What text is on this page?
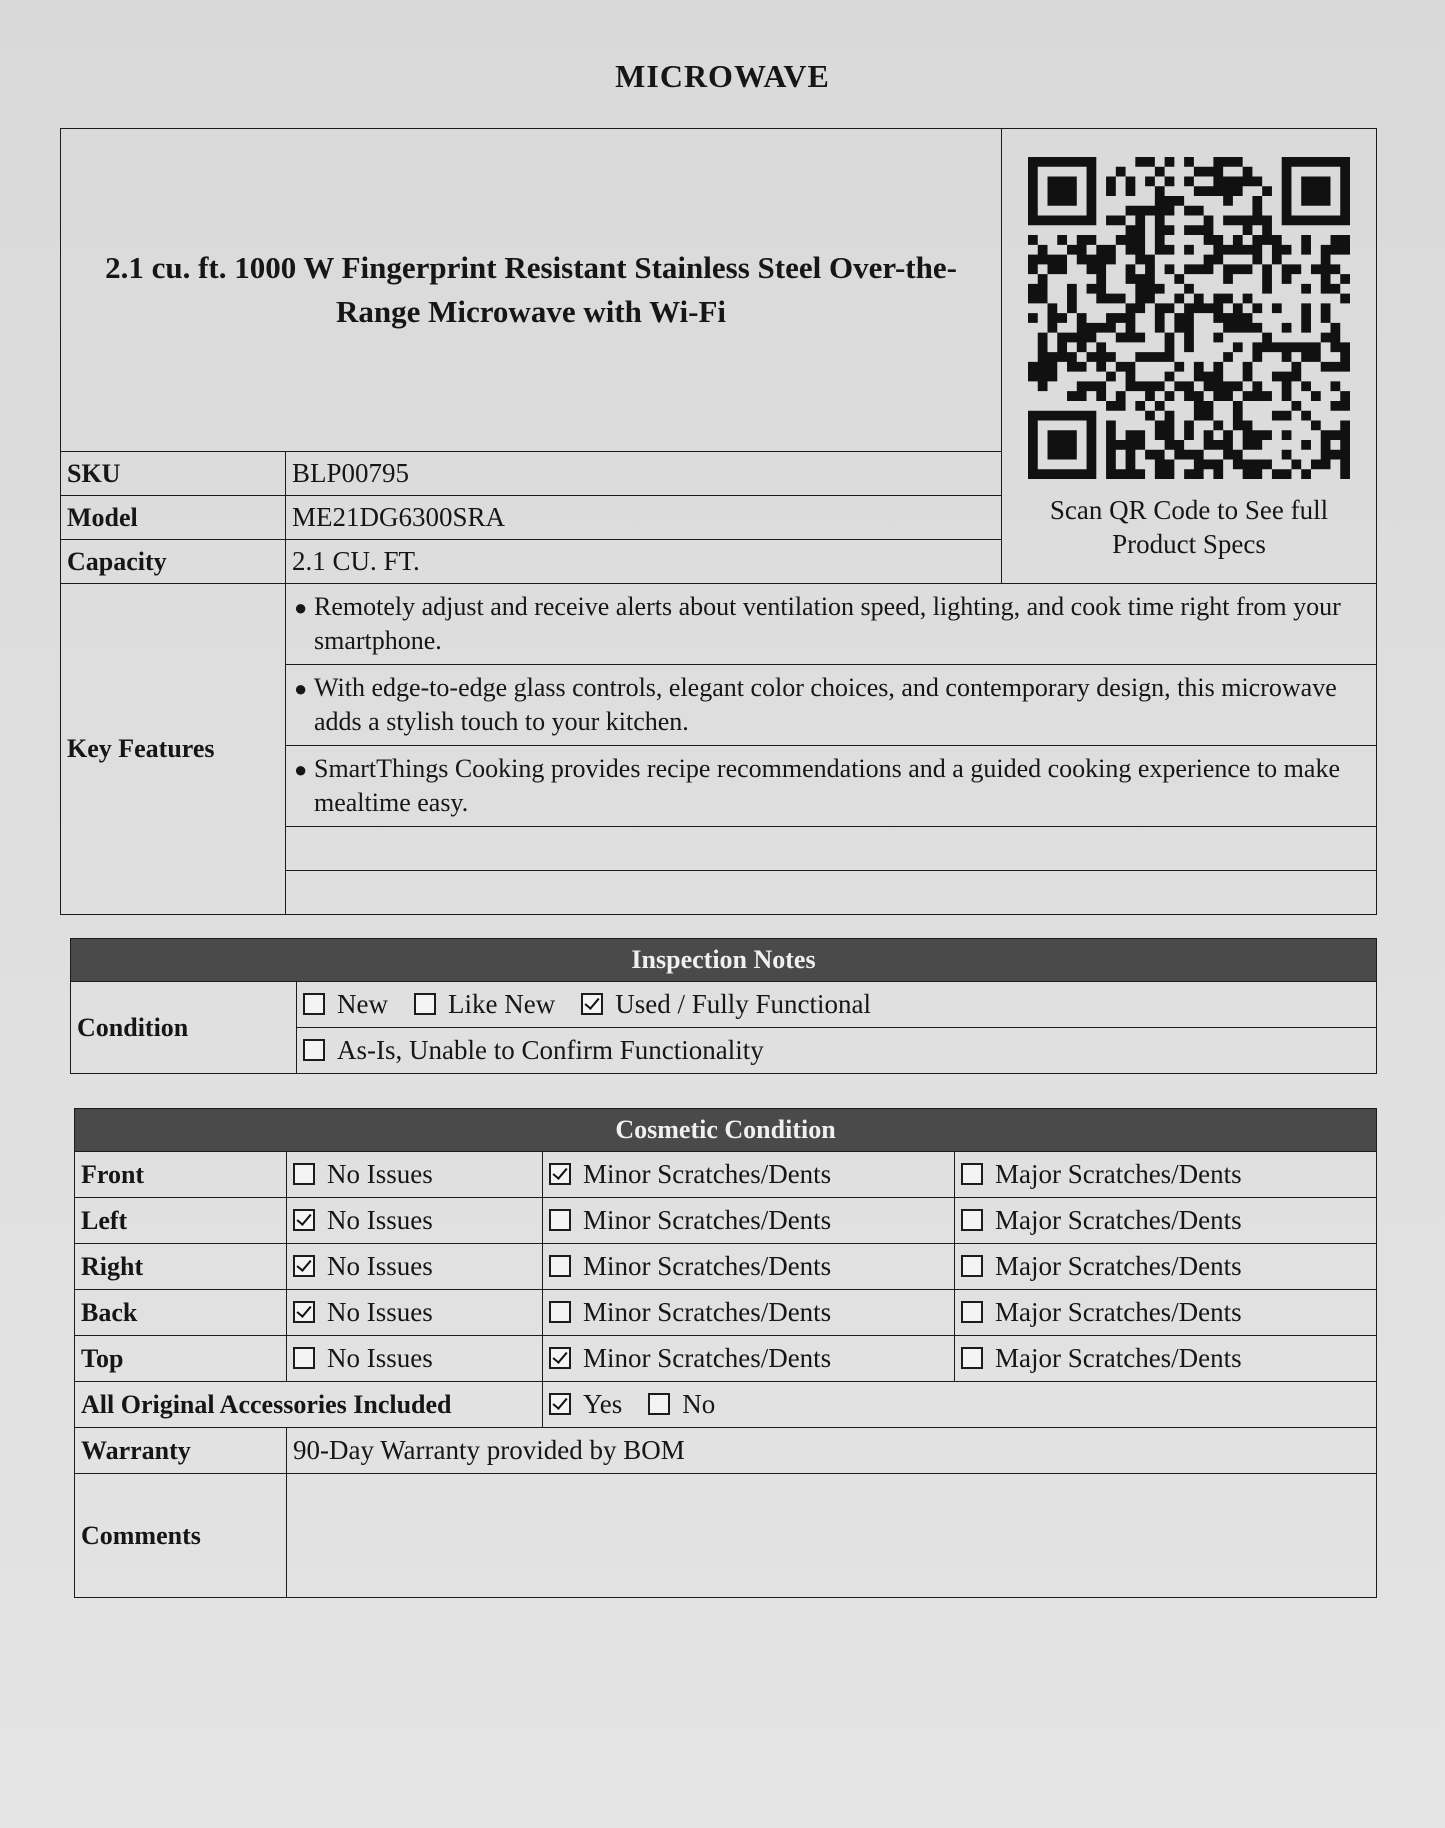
MICROWAVE
2.1 cu. ft. 1000 W Fingerprint Resistant Stainless Steel Over-the-Range Microwave with Wi-Fi		Scan QR Code to See full Product Specs

SKU	BLP00795	
Model	ME21DG6300SRA	
Capacity	2.1 CU. FT.	
Key Features	● Remotely adjust and receive alerts about ventilation speed, lighting, and cook time right from your smartphone.	

	● With edge-to-edge glass controls, elegant color choices, and contemporary design, this microwave adds a stylish touch to your kitchen.	

	● SmartThings Cooking provides recipe recommendations and a guided cooking experience to make mealtime easy.	

Inspection Notes
Condition	New Like New Used / Fully Functional
As-Is, Unable to Confirm Functionality
Cosmetic Condition			
Front	No Issues	Minor Scratches/Dents	Major Scratches/Dents
Left	No Issues	Minor Scratches/Dents	Major Scratches/Dents
Right	No Issues	Minor Scratches/Dents	Major Scratches/Dents
Back	No Issues	Minor Scratches/Dents	Major Scratches/Dents
Top	No Issues	Minor Scratches/Dents	Major Scratches/Dents
All Original Accessories Included		Yes No	
Warranty	90-Day Warranty provided by BOM		
Comments			
